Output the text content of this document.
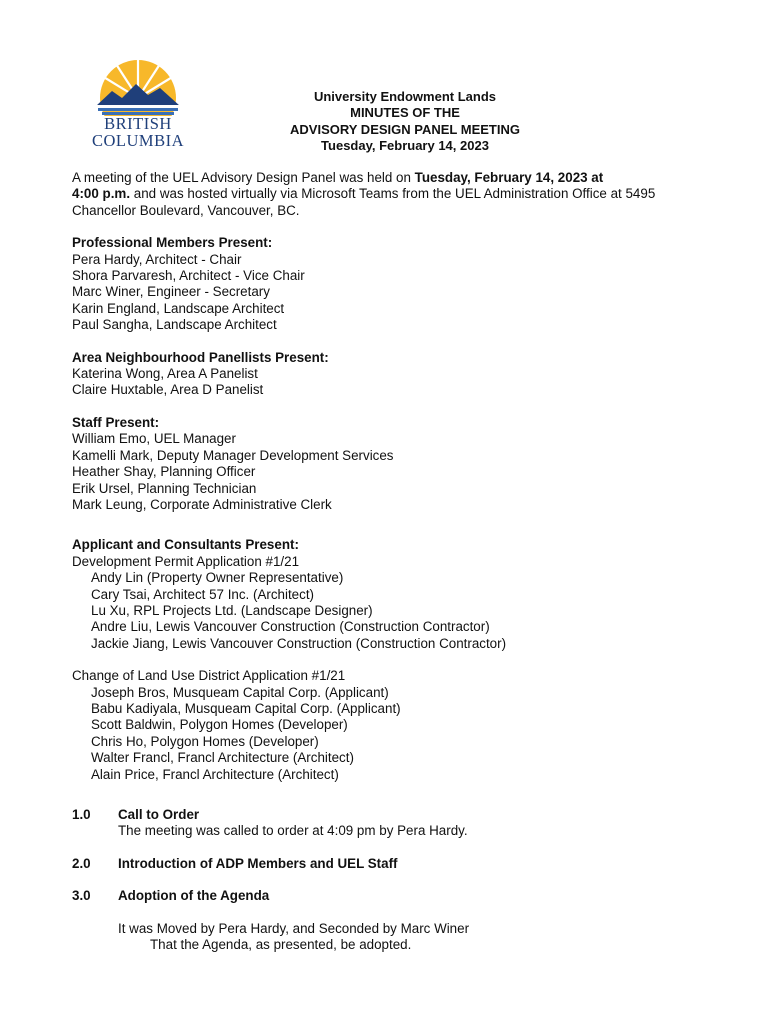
BRITISH
COLUMBIA
University Endowment Lands
MINUTES OF THE
ADVISORY DESIGN PANEL MEETING
Tuesday, February 14, 2023
A meeting of the UEL Advisory Design Panel was held on Tuesday, February 14, 2023 at
4:00 p.m. and was hosted virtually via Microsoft Teams from the UEL Administration Office at 5495
Chancellor Boulevard, Vancouver, BC.
Professional Members Present:
Pera Hardy, Architect - Chair
Shora Parvaresh, Architect - Vice Chair
Marc Winer, Engineer - Secretary
Karin England, Landscape Architect
Paul Sangha, Landscape Architect
Area Neighbourhood Panellists Present:
Katerina Wong, Area A Panelist
Claire Huxtable, Area D Panelist
Staff Present:
William Emo, UEL Manager
Kamelli Mark, Deputy Manager Development Services
Heather Shay, Planning Officer
Erik Ursel, Planning Technician
Mark Leung, Corporate Administrative Clerk
Applicant and Consultants Present:
Development Permit Application #1/21
Andy Lin (Property Owner Representative)
Cary Tsai, Architect 57 Inc. (Architect)
Lu Xu, RPL Projects Ltd. (Landscape Designer)
Andre Liu, Lewis Vancouver Construction (Construction Contractor)
Jackie Jiang, Lewis Vancouver Construction (Construction Contractor)
Change of Land Use District Application #1/21
Joseph Bros, Musqueam Capital Corp. (Applicant)
Babu Kadiyala, Musqueam Capital Corp. (Applicant)
Scott Baldwin, Polygon Homes (Developer)
Chris Ho, Polygon Homes (Developer)
Walter Francl, Francl Architecture (Architect)
Alain Price, Francl Architecture (Architect)
1.0	Call to Order
The meeting was called to order at 4:09 pm by Pera Hardy.
2.0	Introduction of ADP Members and UEL Staff
3.0	Adoption of the Agenda
It was Moved by Pera Hardy, and Seconded by Marc Winer
That the Agenda, as presented, be adopted.
